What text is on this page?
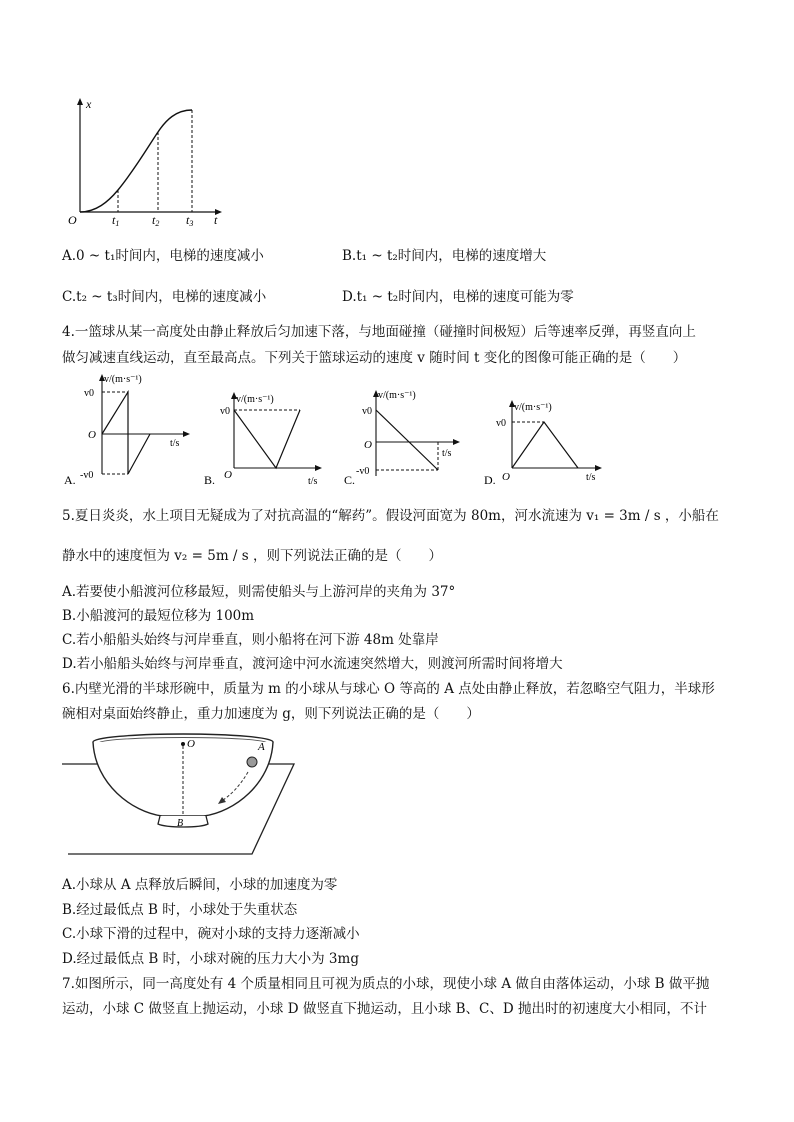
x
t
O	t1	t2 t3
A.0 ~ t₁时间内，电梯的速度减小	B.t₁ ~ t₂时间内，电梯的速度增大
C.t₂ ~ t₃时间内，电梯的速度减小	D.t₁ ~ t₂时间内，电梯的速度可能为零
4.一篮球从某一高度处由静止释放后匀加速下落，与地面碰撞（碰撞时间极短）后等速率反弹，再竖直向上
做匀减速直线运动，直至最高点。下列关于篮球运动的速度 v 随时间 t 变化的图像可能正确的是（　　）
v/(m·s⁻¹)
v0
O
t/s
-v0
A.
v/(m·s⁻¹)
v0
O
t/s
B.
v/(m·s⁻¹)
v0
O
t/s
-v0
C.
v/(m·s⁻¹)
v0
O	t/s
D.
5.夏日炎炎，水上项目无疑成为了对抗高温的“解药”。假设河面宽为 80m，河水流速为 v₁ = 3m / s ，小船在
静水中的速度恒为 v₂ = 5m / s ，则下列说法正确的是（　　）
A.若要使小船渡河位移最短，则需使船头与上游河岸的夹角为 37°
B.小船渡河的最短位移为 100m
C.若小船船头始终与河岸垂直，则小船将在河下游 48m 处靠岸
D.若小船船头始终与河岸垂直，渡河途中河水流速突然增大，则渡河所需时间将增大
6.内壁光滑的半球形碗中，质量为 m 的小球从与球心 O 等高的 A 点处由静止释放，若忽略空气阻力，半球形
碗相对桌面始终静止，重力加速度为 g，则下列说法正确的是（　　）
O
B
A
A.小球从 A 点释放后瞬间，小球的加速度为零
B.经过最低点 B 时，小球处于失重状态
C.小球下滑的过程中，碗对小球的支持力逐渐减小
D.经过最低点 B 时，小球对碗的压力大小为 3mg
7.如图所示，同一高度处有 4 个质量相同且可视为质点的小球，现使小球 A 做自由落体运动，小球 B 做平抛
运动，小球 C 做竖直上抛运动，小球 D 做竖直下抛运动，且小球 B、C、D 抛出时的初速度大小相同，不计
